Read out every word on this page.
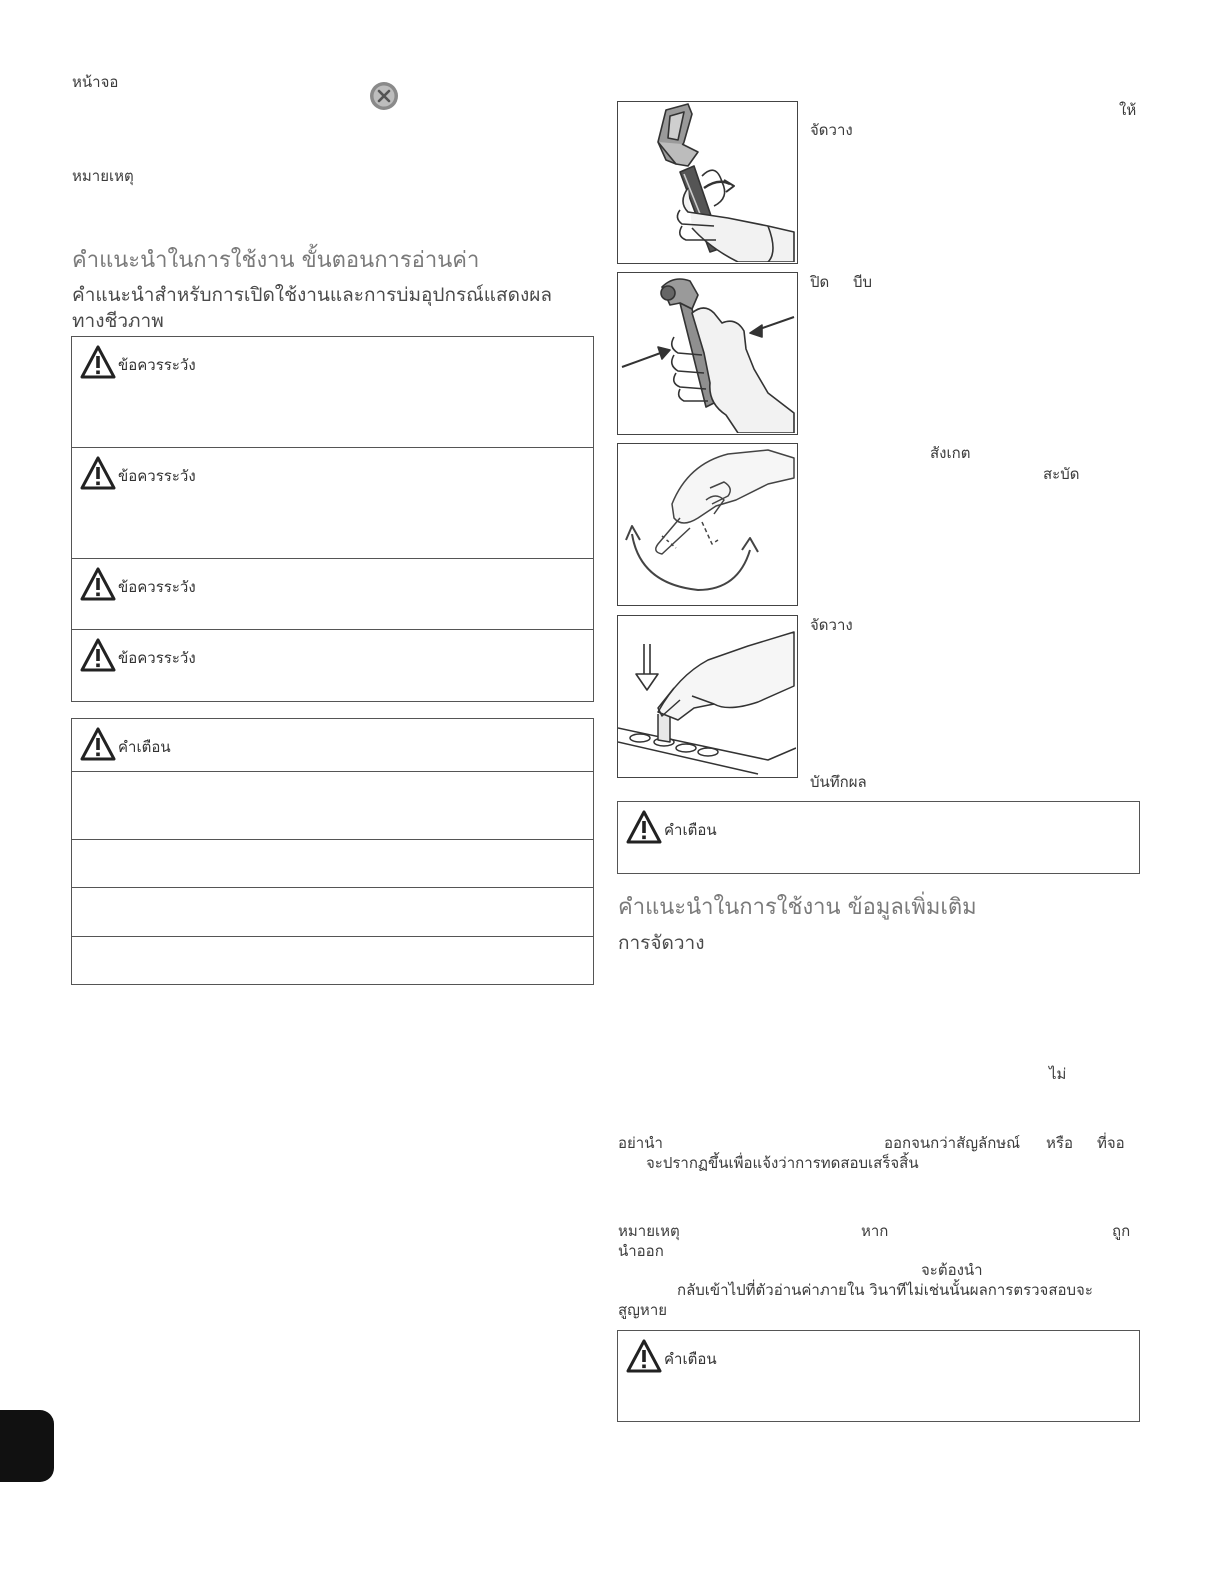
หน้าจอ
หมายเหตุ
คำแนะนำในการใช้งาน ขั้นตอนการอ่านค่า
คำแนะนำสำหรับการเปิดใช้งานและการบ่มอุปกรณ์แสดงผลทางชีวภาพ
ข้อควรระวัง
ข้อควรระวัง
ข้อควรระวัง
ข้อควรระวัง
คำเตือน
ให้
จัดวาง
ปิด บีบ
สังเกต
สะบัด
จัดวาง
บันทึกผล
คำเตือน
คำแนะนำในการใช้งาน ข้อมูลเพิ่มเติม
การจัดวาง
ไม่
อย่านำ	ออกจนกว่าสัญลักษณ์ หรือ ที่จอ
จะปรากฏขึ้นเพื่อแจ้งว่าการทดสอบเสร็จสิ้น
หมายเหตุ	หาก	ถูก
นำออก
จะต้องนำ
กลับเข้าไปที่ตัวอ่านค่าภายใน วินาทีไม่เช่นนั้นผลการตรวจสอบจะ
สูญหาย
คำเตือน
